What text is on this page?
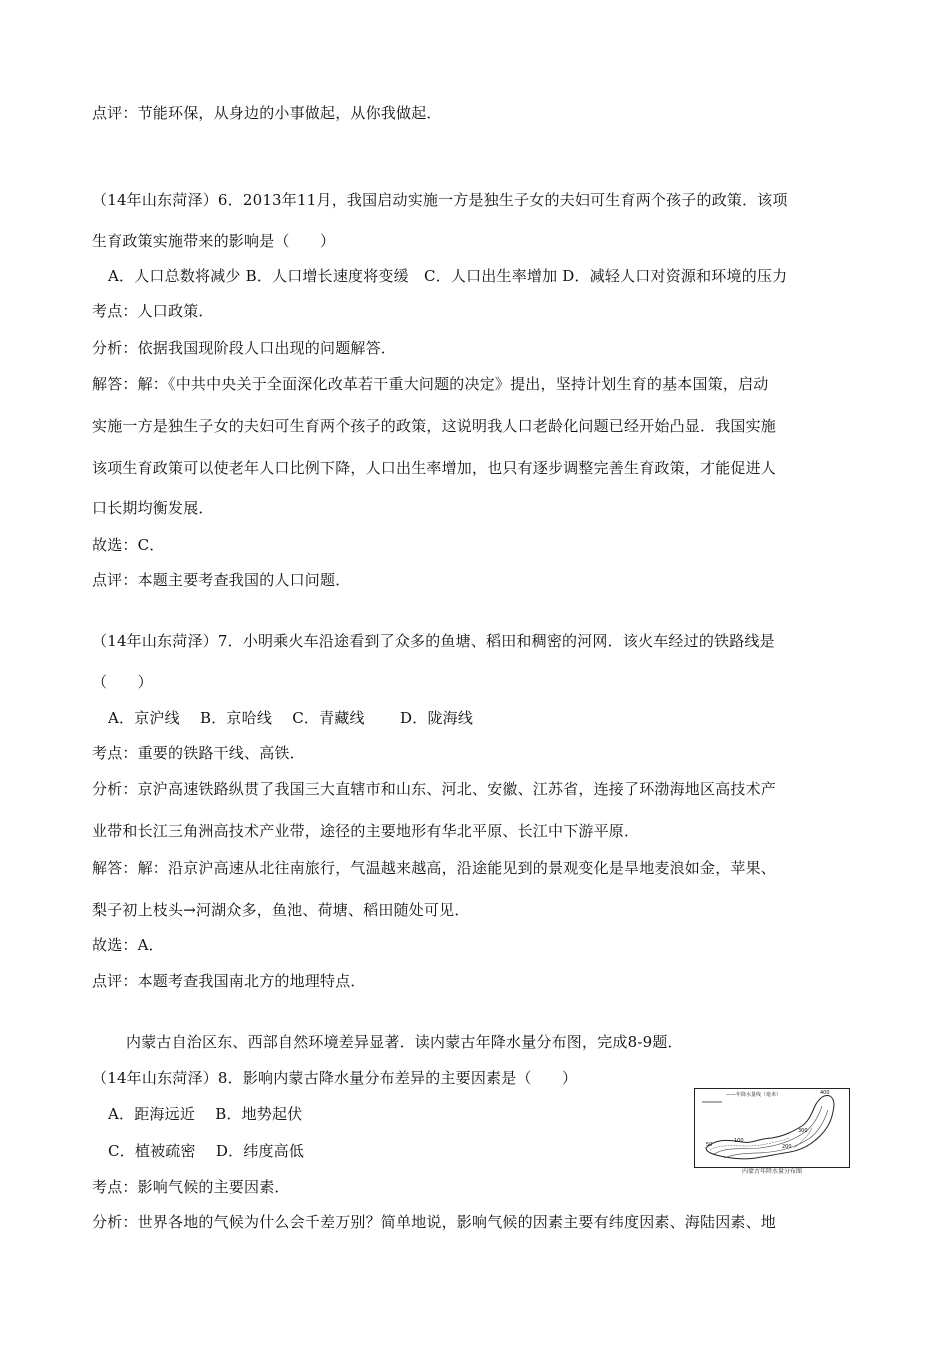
点评：节能环保，从身边的小事做起，从你我做起．
（14年山东菏泽）6．2013年11月，我国启动实施一方是独生子女的夫妇可生育两个孩子的政策．该项
生育政策实施带来的影响是（　　）
A．人口总数将减少 B．人口增长速度将变缓　C．人口出生率增加 D．减轻人口对资源和环境的压力
考点：人口政策．
分析：依据我国现阶段人口出现的问题解答．
解答：解：《中共中央关于全面深化改革若干重大问题的决定》提出，坚持计划生育的基本国策，启动
实施一方是独生子女的夫妇可生育两个孩子的政策，这说明我人口老龄化问题已经开始凸显．我国实施
该项生育政策可以使老年人口比例下降，人口出生率增加，也只有逐步调整完善生育政策，才能促进人
口长期均衡发展．
故选：C．
点评：本题主要考查我国的人口问题．
（14年山东菏泽）7．小明乘火车沿途看到了众多的鱼塘、稻田和稠密的河网．该火车经过的铁路线是
（　　）
A．京沪线　 B．京哈线　 C．青藏线　　 D．陇海线
考点：重要的铁路干线、高铁．
分析：京沪高速铁路纵贯了我国三大直辖市和山东、河北、安徽、江苏省，连接了环渤海地区高技术产
业带和长江三角洲高技术产业带，途径的主要地形有华北平原、长江中下游平原．
解答：解：沿京沪高速从北往南旅行，气温越来越高，沿途能见到的景观变化是旱地麦浪如金，苹果、
梨子初上枝头→河湖众多，鱼池、荷塘、稻田随处可见．
故选：A．
点评：本题考查我国南北方的地理特点．
内蒙古自治区东、西部自然环境差异显著．读内蒙古年降水量分布图，完成8-9题．
（14年山东菏泽）8．影响内蒙古降水量分布差异的主要因素是（　　）
A．距海远近　 B．地势起伏
C．植被疏密　 D．纬度高低
考点：影响气候的主要因素．
分析：世界各地的气候为什么会千差万别？简单地说，影响气候的因素主要有纬度因素、海陆因素、地
——年降水量线（毫米）	400
300
200
100
50
内蒙古年降水量分布图
